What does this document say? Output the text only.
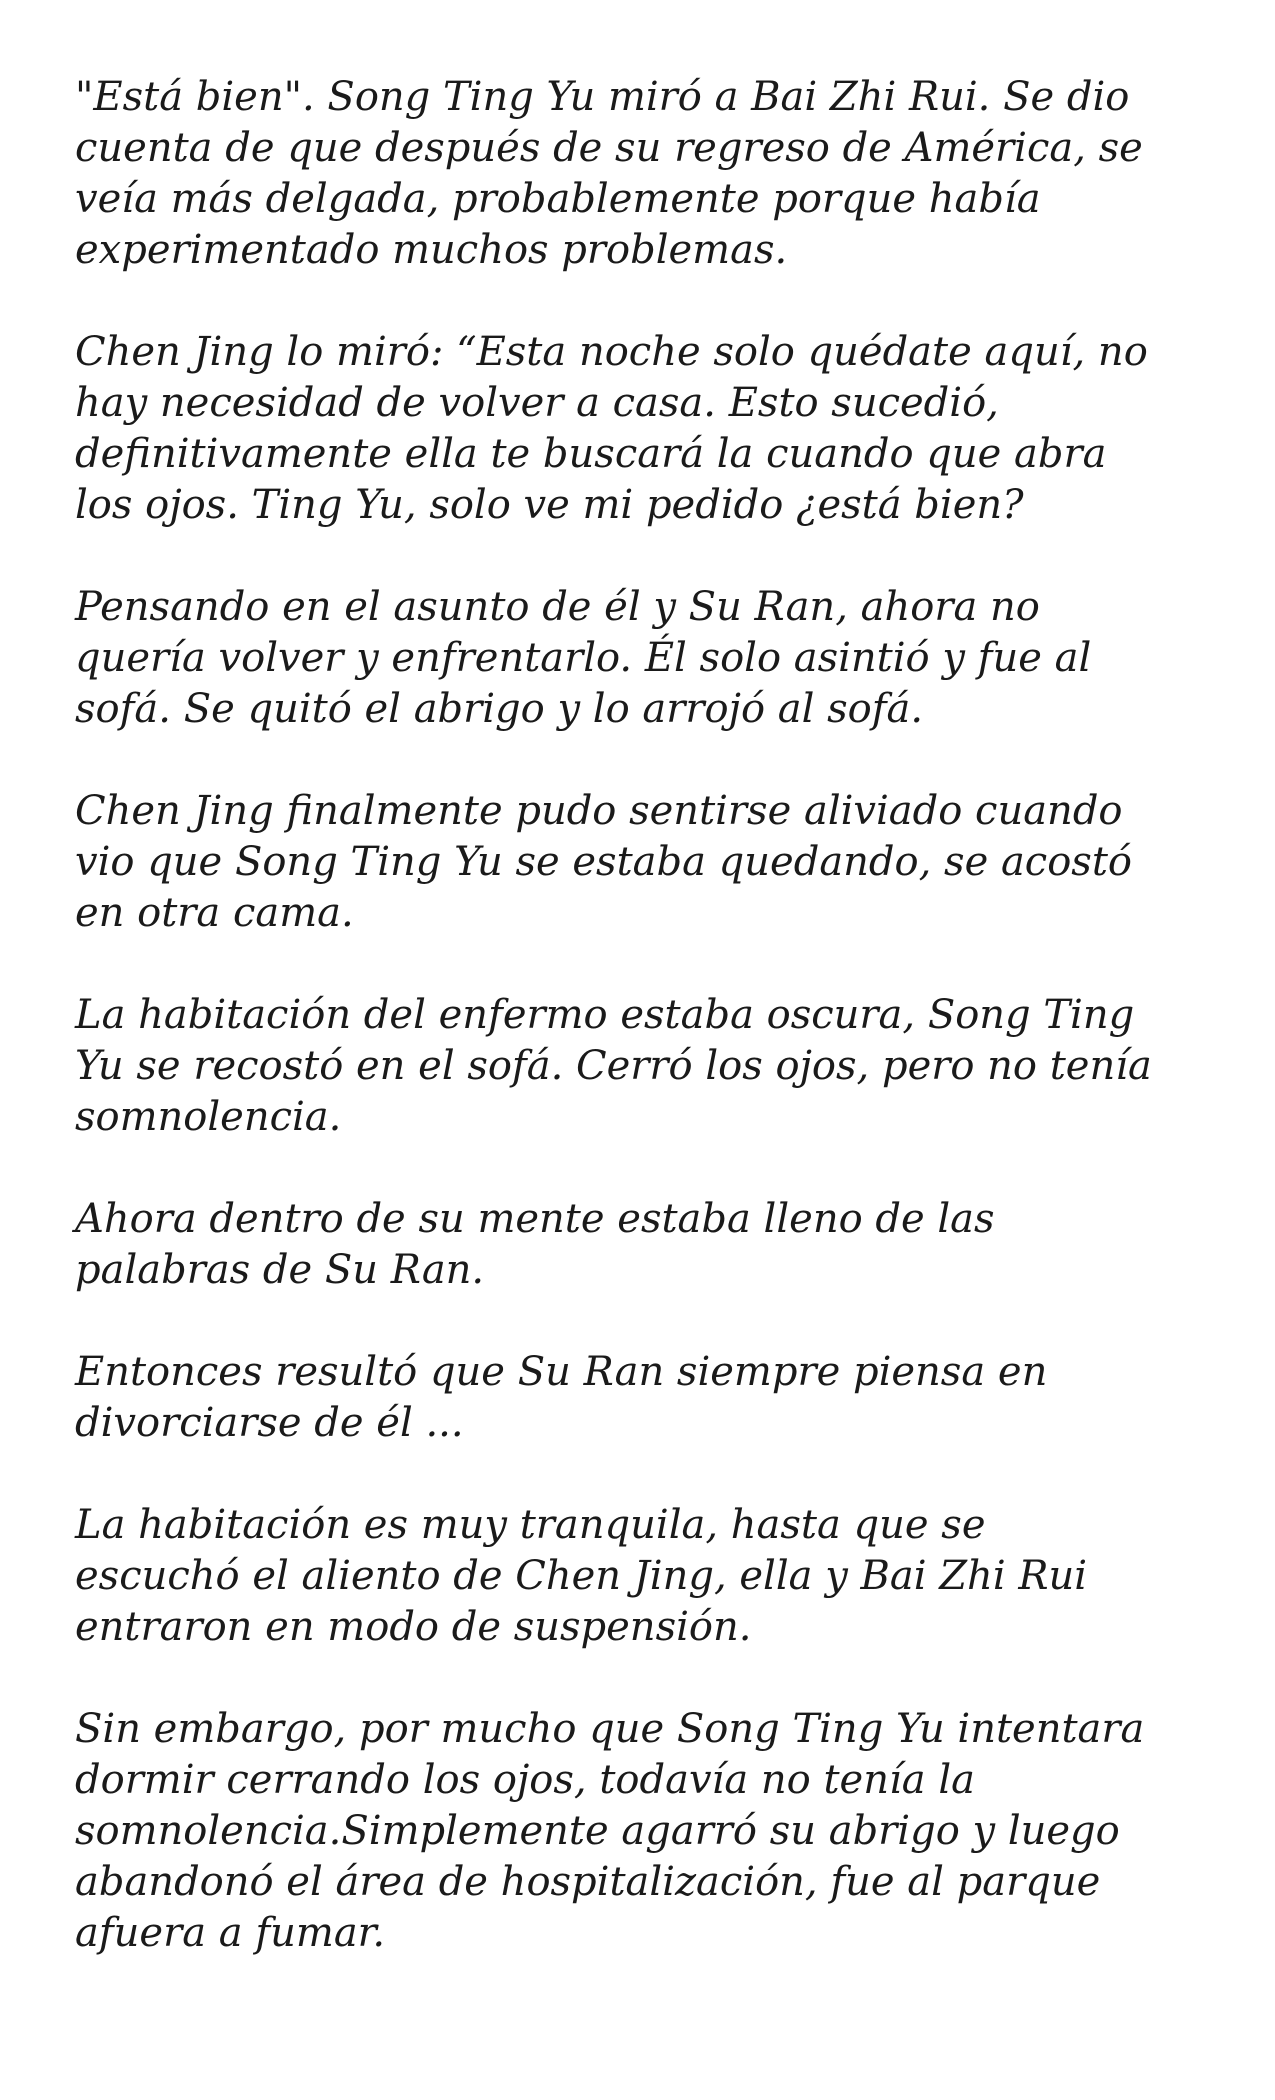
"Está bien". Song Ting Yu miró a Bai Zhi Rui. Se dio
cuenta de que después de su regreso de América, se
veía más delgada, probablemente porque había
experimentado muchos problemas.

Chen Jing lo miró: “Esta noche solo quédate aquí, no
hay necesidad de volver a casa. Esto sucedió,
definitivamente ella te buscará la cuando que abra
los ojos. Ting Yu, solo ve mi pedido ¿está bien?

Pensando en el asunto de él y Su Ran, ahora no
quería volver y enfrentarlo. Él solo asintió y fue al
sofá. Se quitó el abrigo y lo arrojó al sofá.

Chen Jing finalmente pudo sentirse aliviado cuando
vio que Song Ting Yu se estaba quedando, se acostó
en otra cama.

La habitación del enfermo estaba oscura, Song Ting
Yu se recostó en el sofá. Cerró los ojos, pero no tenía
somnolencia.

Ahora dentro de su mente estaba lleno de las
palabras de Su Ran.

Entonces resultó que Su Ran siempre piensa en
divorciarse de él ...

La habitación es muy tranquila, hasta que se
escuchó el aliento de Chen Jing, ella y Bai Zhi Rui
entraron en modo de suspensión.

Sin embargo, por mucho que Song Ting Yu intentara
dormir cerrando los ojos, todavía no tenía la
somnolencia.Simplemente agarró su abrigo y luego
abandonó el área de hospitalización, fue al parque
afuera a fumar.
